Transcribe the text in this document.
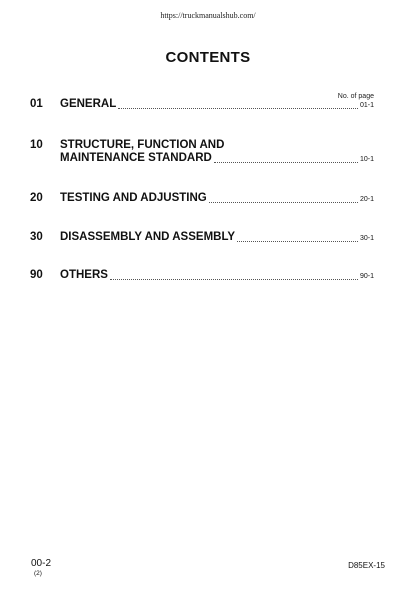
https://truckmanualshub.com/
CONTENTS
No. of page
01 GENERAL	01-1
10 STRUCTURE, FUNCTION AND
MAINTENANCE STANDARD	10-1
20 TESTING AND ADJUSTING	20-1
30 DISASSEMBLY AND ASSEMBLY	30-1
90 OTHERS	90-1
00-2
(2)
D85EX-15
